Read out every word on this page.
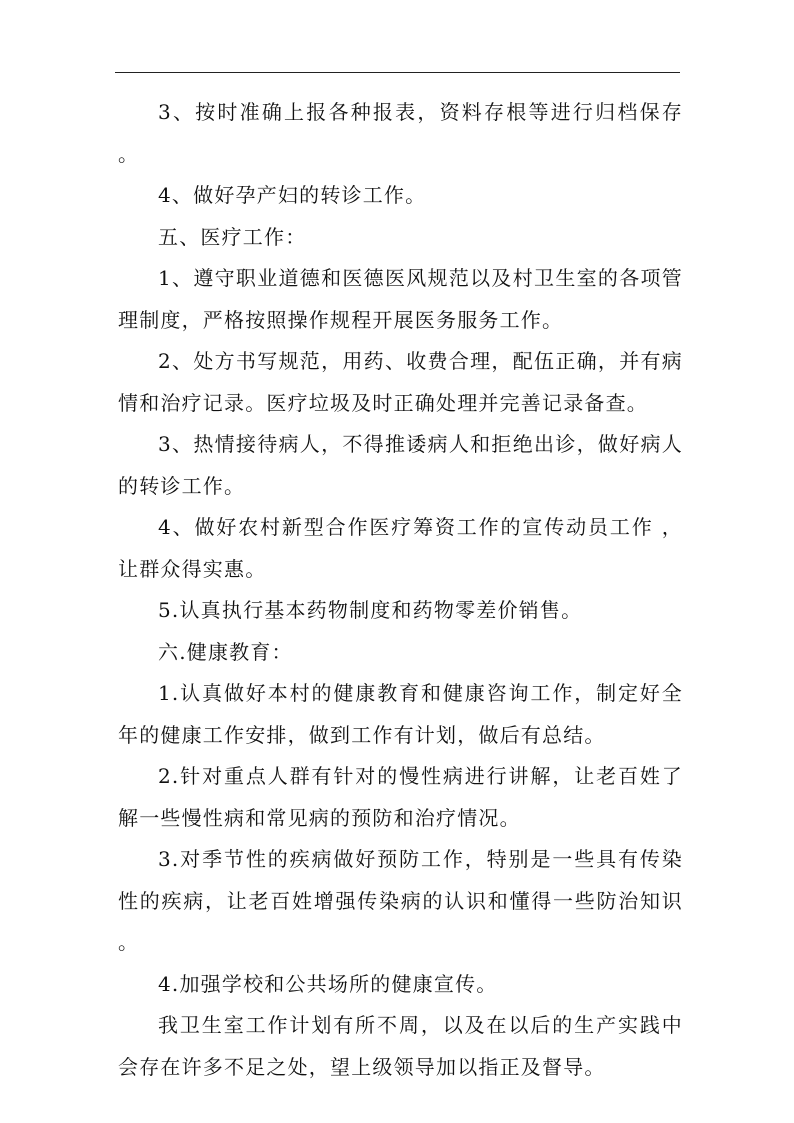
3、按时准确上报各种报表，资料存根等进行归档保存 。

4、做好孕产妇的转诊工作。

五、医疗工作：

1、遵守职业道德和医德医风规范以及村卫生室的各项管理制度，严格按照操作规程开展医务服务工作。

2、处方书写规范，用药、收费合理，配伍正确，并有病情和治疗记录。医疗垃圾及时正确处理并完善记录备查。

3、热情接待病人，不得推诿病人和拒绝出诊，做好病人的转诊工作。

4、做好农村新型合作医疗筹资工作的宣传动员工作 ，让群众得实惠。

5.认真执行基本药物制度和药物零差价销售。

六.健康教育：

1.认真做好本村的健康教育和健康咨询工作，制定好全年的健康工作安排，做到工作有计划，做后有总结。

2.针对重点人群有针对的慢性病进行讲解，让老百姓了解一些慢性病和常见病的预防和治疗情况。

3.对季节性的疾病做好预防工作，特别是一些具有传染性的疾病，让老百姓增强传染病的认识和懂得一些防治知识 。

4.加强学校和公共场所的健康宣传。

我卫生室工作计划有所不周，以及在以后的生产实践中会存在许多不足之处，望上级领导加以指正及督导。
